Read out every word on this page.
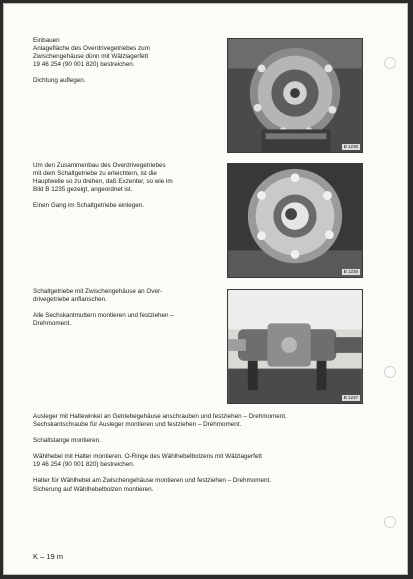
Einbauen

Anlagefläche des Overdrivegetriebes zum

Zwischengehäuse dünn mit Wälzlagerfett

19 46 254 (90 001 820) bestreichen.

Dichtung auflegen.

B 1236

Um den Zusammenbau des Overdrivegetriebes

mit dem Schaltgetriebe zu erleichtern, ist die

Hauptwelle so zu drehen, daß Exzenter, so wie im

Bild B 1235 gezeigt, angeordnet ist.

Einen Gang im Schaltgetriebe einlegen.

B 1235

Schaltgetriebe mit Zwischengehäuse an Over-

drivegetriebe anflanschen.

Alle Sechskantmuttern montieren und festziehen –

Drehmoment.

B 1237

Ausleger mit Haltewinkel an Getriebegehäuse anschrauben und festziehen – Drehmoment.

Sechskantschraube für Ausleger montieren und festziehen – Drehmoment.

Schaltstange montieren.

Wählhebel mit Halter montieren. O-Ringe des Wählhebelbolzens mit Wälzlagerfett

19 46 254 (90 001 820) bestreichen.

Halter für Wählhebel am Zwischengehäuse montieren und festziehen – Drehmoment.

Sicherung auf Wählhebelbolzen montieren.

K – 19 m
